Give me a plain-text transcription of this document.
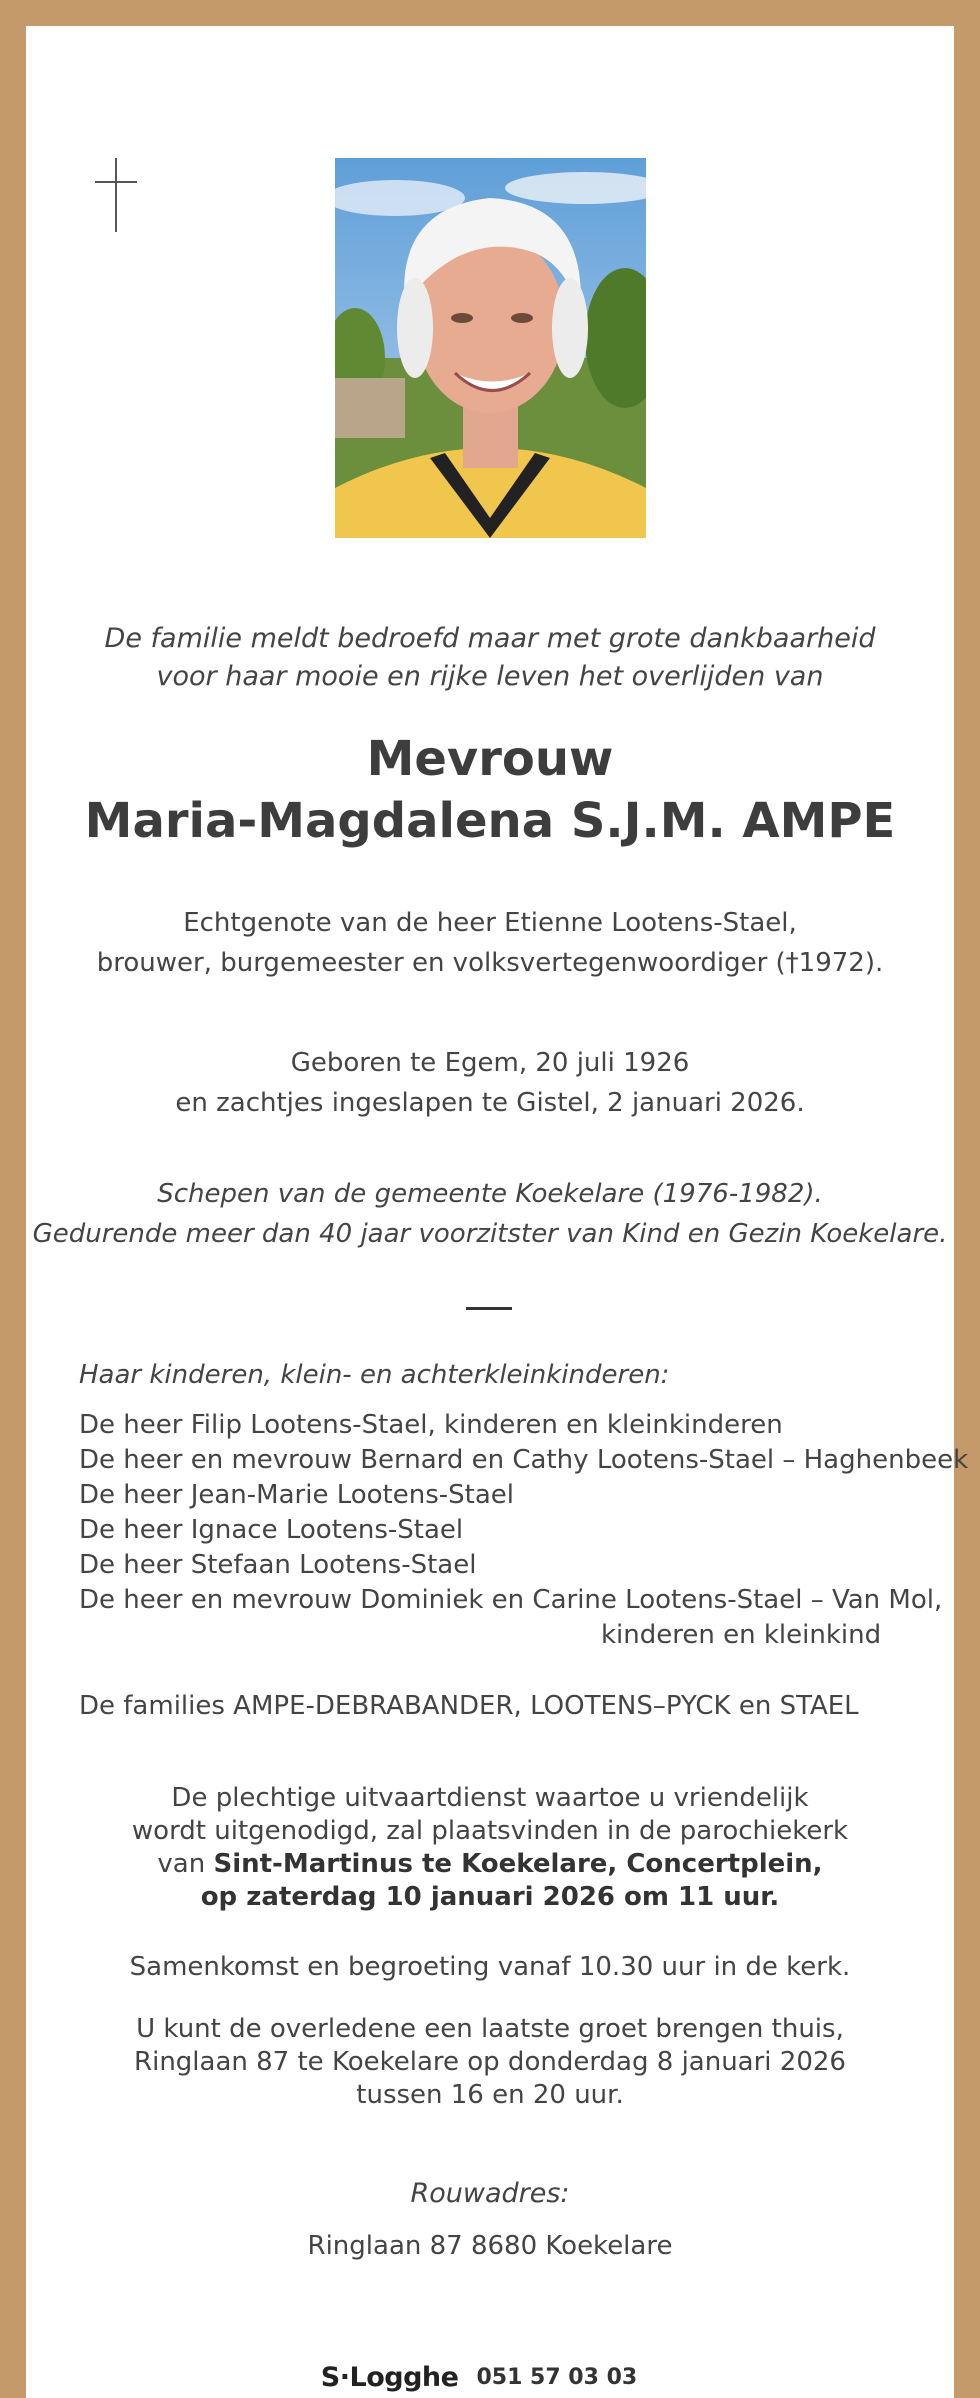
De familie meldt bedroefd maar met grote dankbaarheid
voor haar mooie en rijke leven het overlijden van
Mevrouw
Maria-Magdalena S.J.M. AMPE
Echtgenote van de heer Etienne Lootens-Stael,
brouwer, burgemeester en volksvertegenwoordiger (†1972).
Geboren te Egem, 20 juli 1926
en zachtjes ingeslapen te Gistel, 2 januari 2026.
Schepen van de gemeente Koekelare (1976-1982).
Gedurende meer dan 40 jaar voorzitster van Kind en Gezin Koekelare.
Haar kinderen, klein- en achterkleinkinderen:
De heer Filip Lootens-Stael, kinderen en kleinkinderen
De heer en mevrouw Bernard en Cathy Lootens-Stael – Haghenbeek
De heer Jean-Marie Lootens-Stael
De heer Ignace Lootens-Stael
De heer Stefaan Lootens-Stael
De heer en mevrouw Dominiek en Carine Lootens-Stael – Van Mol,
kinderen en kleinkind
De families AMPE-DEBRABANDER, LOOTENS–PYCK en STAEL
De plechtige uitvaartdienst waartoe u vriendelijk
wordt uitgenodigd, zal plaatsvinden in de parochiekerk
van Sint-Martinus te Koekelare, Concertplein,
op zaterdag 10 januari 2026 om 11 uur.
Samenkomst en begroeting vanaf 10.30 uur in de kerk.
U kunt de overledene een laatste groet brengen thuis,
Ringlaan 87 te Koekelare op donderdag 8 januari 2026
tussen 16 en 20 uur.
Rouwadres:
Ringlaan 87 8680 Koekelare
S·Logghe 051 57 03 03
